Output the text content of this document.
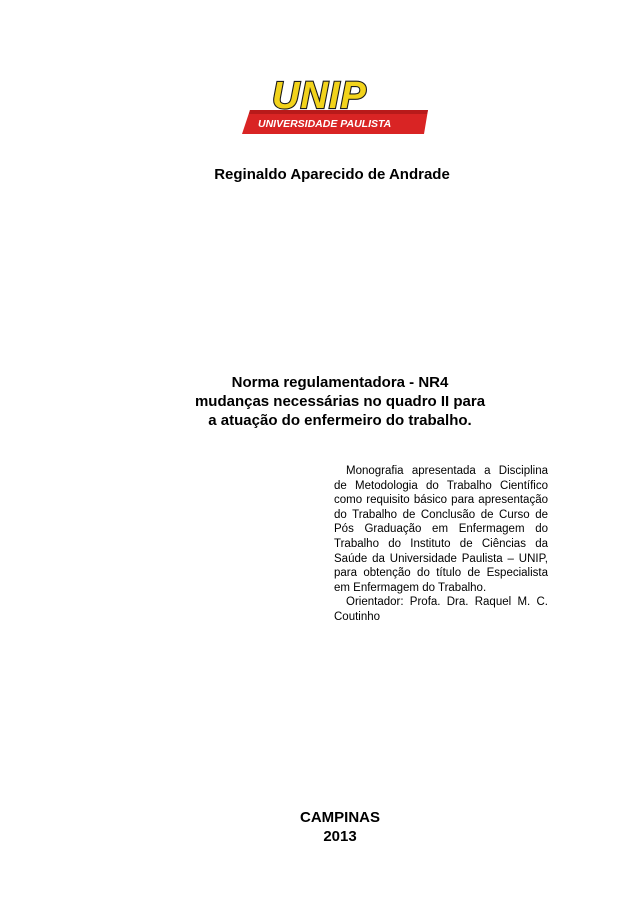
UNIVERSIDADE PAULISTA
UNIP
Reginaldo Aparecido de Andrade
Norma regulamentadora - NR4
mudanças necessárias no quadro II para
a atuação do enfermeiro do trabalho.

Monografia apresentada a Disciplina de Metodologia do Trabalho Científico como requisito básico para apresentação do Trabalho de Conclusão de Curso de Pós Graduação em Enfermagem do Trabalho do Instituto de Ciências da Saúde da Universidade Paulista – UNIP, para obtenção do título de Especialista em Enfermagem do Trabalho.

Orientador: Profa. Dra. Raquel M. C. Coutinho

CAMPINAS
2013
